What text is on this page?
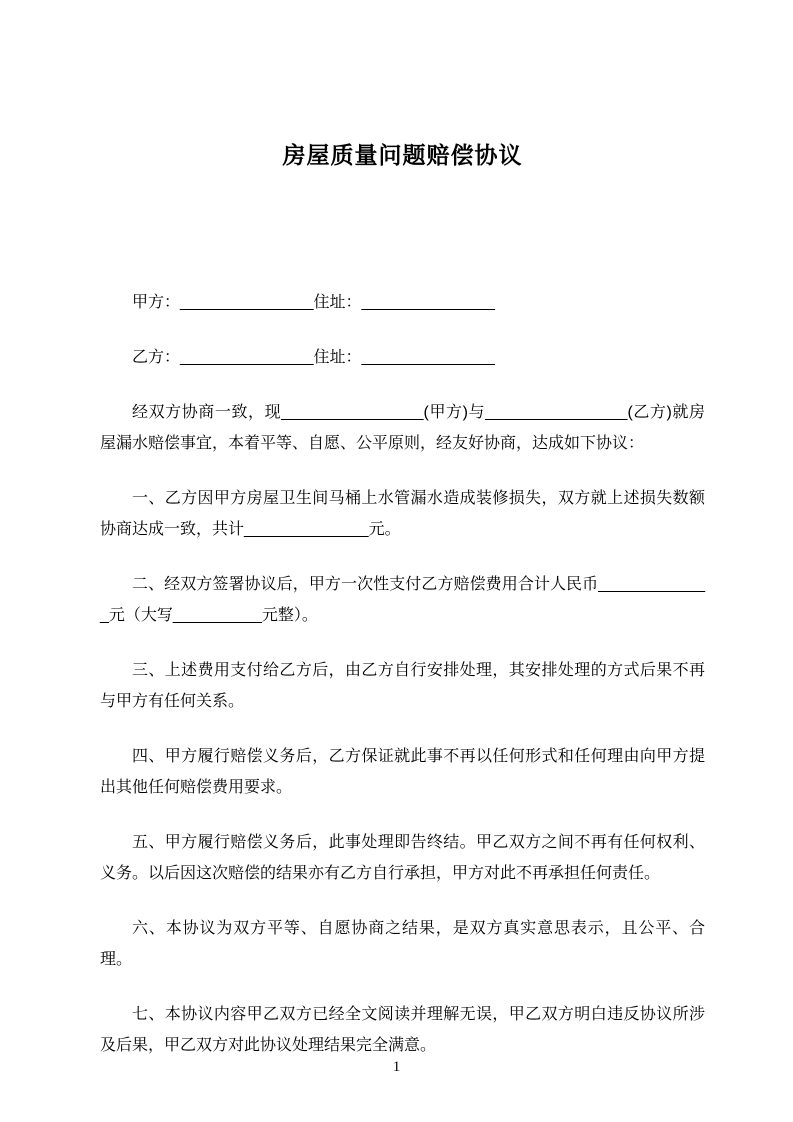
房屋质量问题赔偿协议

甲方：_______________住址：_______________

乙方：_______________住址：_______________

经双方协商一致，现________________(甲方)与________________(乙方)就房屋漏水赔偿事宜，本着平等、自愿、公平原则，经友好协商，达成如下协议：

一、乙方因甲方房屋卫生间马桶上水管漏水造成装修损失，双方就上述损失数额协商达成一致，共计______________元。

二、经双方签署协议后，甲方一次性支付乙方赔偿费用合计人民币_____________元（大写__________元整）。

三、上述费用支付给乙方后，由乙方自行安排处理，其安排处理的方式后果不再与甲方有任何关系。

四、甲方履行赔偿义务后，乙方保证就此事不再以任何形式和任何理由向甲方提出其他任何赔偿费用要求。

五、甲方履行赔偿义务后，此事处理即告终结。甲乙双方之间不再有任何权利、义务。以后因这次赔偿的结果亦有乙方自行承担，甲方对此不再承担任何责任。

六、本协议为双方平等、自愿协商之结果，是双方真实意思表示，且公平、合理。

七、本协议内容甲乙双方已经全文阅读并理解无误，甲乙双方明白违反协议所涉及后果，甲乙双方对此协议处理结果完全满意。

1
